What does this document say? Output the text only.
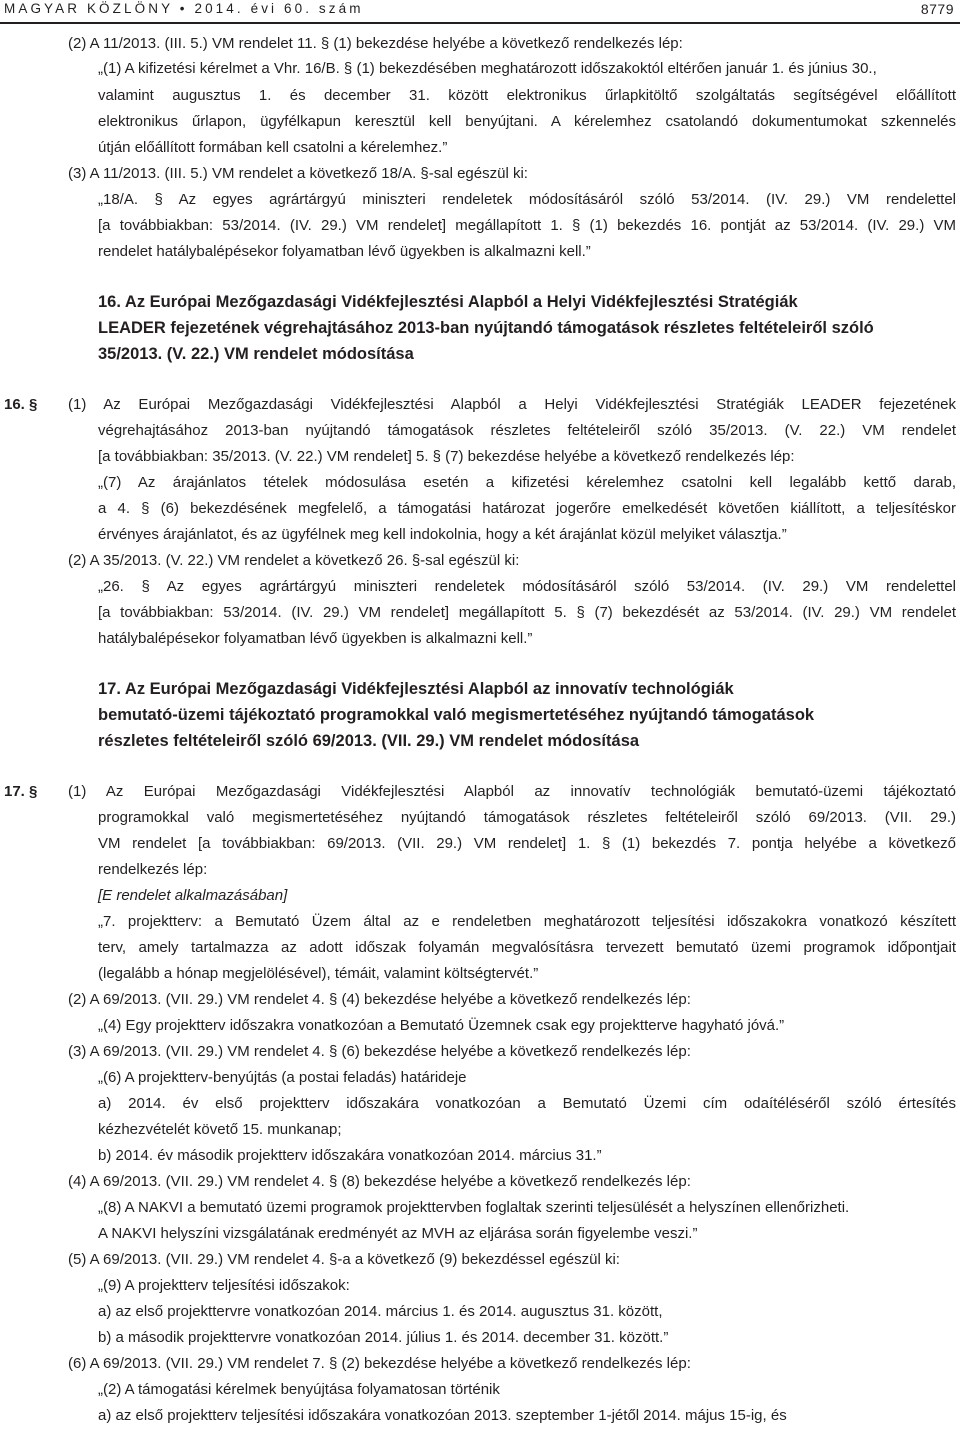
MAGYAR KÖZLÖNY • 2014. évi 60. szám	8779
(2) A 11/2013. (III. 5.) VM rendelet 11. § (1) bekezdése helyébe a következő rendelkezés lép:
„(1) A kifizetési kérelmet a Vhr. 16/B. § (1) bekezdésében meghatározott időszakoktól eltérően január 1. és június 30.,
valamint augusztus 1. és december 31. között elektronikus űrlapkitöltő szolgáltatás segítségével előállított
elektronikus űrlapon, ügyfélkapun keresztül kell benyújtani. A kérelemhez csatolandó dokumentumokat szkennelés
útján előállított formában kell csatolni a kérelemhez.”
(3) A 11/2013. (III. 5.) VM rendelet a következő 18/A. §-sal egészül ki:
„18/A. § Az egyes agrártárgyú miniszteri rendeletek módosításáról szóló 53/2014. (IV. 29.) VM rendelettel
[a továbbiakban: 53/2014. (IV. 29.) VM rendelet] megállapított 1. § (1) bekezdés 16. pontját az 53/2014. (IV. 29.) VM
rendelet hatálybalépésekor folyamatban lévő ügyekben is alkalmazni kell.”
16. Az Európai Mezőgazdasági Vidékfejlesztési Alapból a Helyi Vidékfejlesztési Stratégiák
LEADER fejezetének végrehajtásához 2013-ban nyújtandó támogatások részletes feltételeiről szóló
35/2013. (V. 22.) VM rendelet módosítása
16. § (1) Az Európai Mezőgazdasági Vidékfejlesztési Alapból a Helyi Vidékfejlesztési Stratégiák LEADER fejezetének
végrehajtásához 2013-ban nyújtandó támogatások részletes feltételeiről szóló 35/2013. (V. 22.) VM rendelet
[a továbbiakban: 35/2013. (V. 22.) VM rendelet] 5. § (7) bekezdése helyébe a következő rendelkezés lép:
„(7) Az árajánlatos tételek módosulása esetén a kifizetési kérelemhez csatolni kell legalább kettő darab,
a 4. § (6) bekezdésének megfelelő, a támogatási határozat jogerőre emelkedését követően kiállított, a teljesítéskor
érvényes árajánlatot, és az ügyfélnek meg kell indokolnia, hogy a két árajánlat közül melyiket választja.”
(2) A 35/2013. (V. 22.) VM rendelet a következő 26. §-sal egészül ki:
„26. § Az egyes agrártárgyú miniszteri rendeletek módosításáról szóló 53/2014. (IV. 29.) VM rendelettel
[a továbbiakban: 53/2014. (IV. 29.) VM rendelet] megállapított 5. § (7) bekezdését az 53/2014. (IV. 29.) VM rendelet
hatálybalépésekor folyamatban lévő ügyekben is alkalmazni kell.”
17. Az Európai Mezőgazdasági Vidékfejlesztési Alapból az innovatív technológiák
bemutató-üzemi tájékoztató programokkal való megismertetéséhez nyújtandó támogatások
részletes feltételeiről szóló 69/2013. (VII. 29.) VM rendelet módosítása
17. § (1) Az Európai Mezőgazdasági Vidékfejlesztési Alapból az innovatív technológiák bemutató-üzemi tájékoztató
programokkal való megismertetéséhez nyújtandó támogatások részletes feltételeiről szóló 69/2013. (VII. 29.)
VM rendelet [a továbbiakban: 69/2013. (VII. 29.) VM rendelet] 1. § (1) bekezdés 7. pontja helyébe a következő
rendelkezés lép:
[E rendelet alkalmazásában]
„7. projektterv: a Bemutató Üzem által az e rendeletben meghatározott teljesítési időszakokra vonatkozó készített
terv, amely tartalmazza az adott időszak folyamán megvalósításra tervezett bemutató üzemi programok időpontjait
(legalább a hónap megjelölésével), témáit, valamint költségtervét.”
(2) A 69/2013. (VII. 29.) VM rendelet 4. § (4) bekezdése helyébe a következő rendelkezés lép:
„(4) Egy projektterv időszakra vonatkozóan a Bemutató Üzemnek csak egy projektterve hagyható jóvá.”
(3) A 69/2013. (VII. 29.) VM rendelet 4. § (6) bekezdése helyébe a következő rendelkezés lép:
„(6) A projektterv-benyújtás (a postai feladás) határideje
a) 2014. év első projektterv időszakára vonatkozóan a Bemutató Üzemi cím odaítéléséről szóló értesítés
kézhezvételét követő 15. munkanap;
b) 2014. év második projektterv időszakára vonatkozóan 2014. március 31.”
(4) A 69/2013. (VII. 29.) VM rendelet 4. § (8) bekezdése helyébe a következő rendelkezés lép:
„(8) A NAKVI a bemutató üzemi programok projekttervben foglaltak szerinti teljesülését a helyszínen ellenőrizheti.
A NAKVI helyszíni vizsgálatának eredményét az MVH az eljárása során figyelembe veszi.”
(5) A 69/2013. (VII. 29.) VM rendelet 4. §-a a következő (9) bekezdéssel egészül ki:
„(9) A projektterv teljesítési időszakok:
a) az első projekttervre vonatkozóan 2014. március 1. és 2014. augusztus 31. között,
b) a második projekttervre vonatkozóan 2014. július 1. és 2014. december 31. között.”
(6) A 69/2013. (VII. 29.) VM rendelet 7. § (2) bekezdése helyébe a következő rendelkezés lép:
„(2) A támogatási kérelmek benyújtása folyamatosan történik
a) az első projektterv teljesítési időszakára vonatkozóan 2013. szeptember 1-jétől 2014. május 15-ig, és
